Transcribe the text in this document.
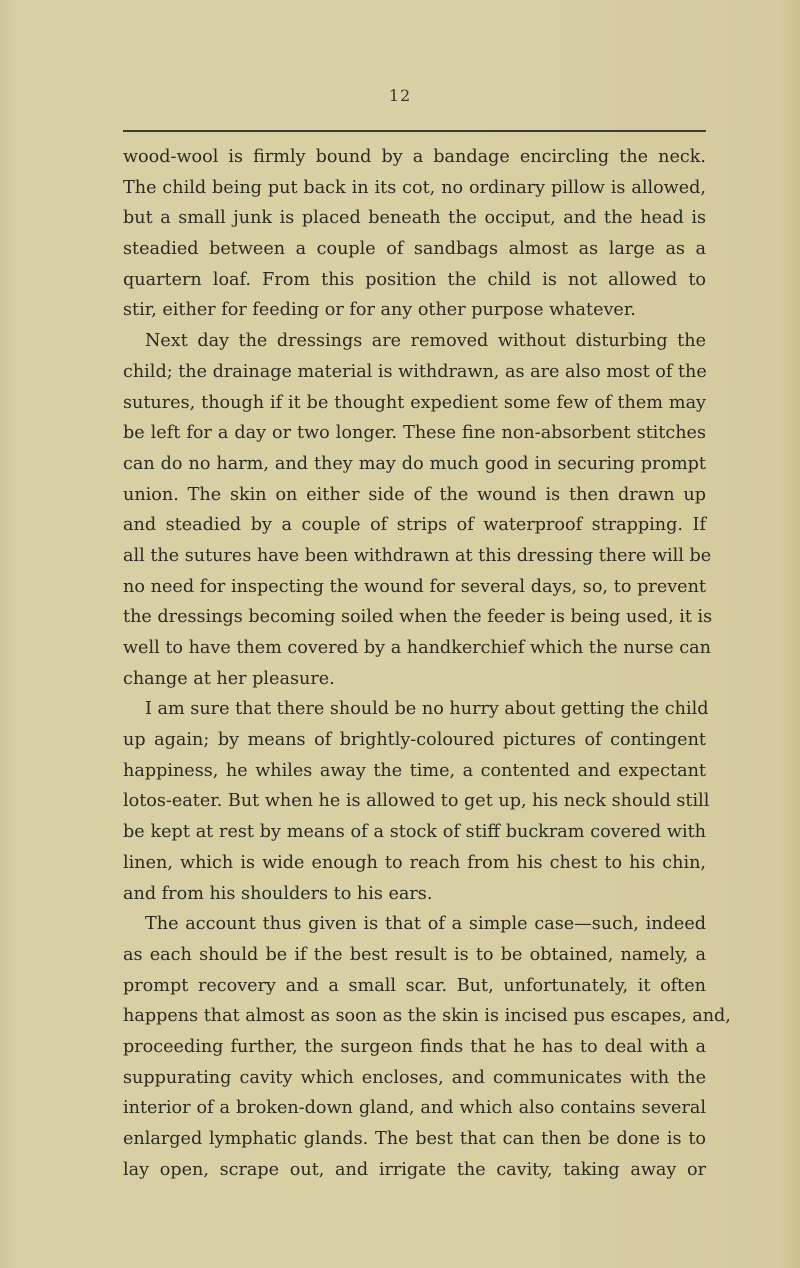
12
wood-wool is firmly bound by a bandage encircling the neck.
The child being put back in its cot, no ordinary pillow is allowed,
but a small junk is placed beneath the occiput, and the head is
steadied between a couple of sandbags almost as large as a
quartern loaf. From this position the child is not allowed to
stir, either for feeding or for any other purpose whatever.
Next day the dressings are removed without disturbing the
child; the drainage material is withdrawn, as are also most of the
sutures, though if it be thought expedient some few of them may
be left for a day or two longer. These fine non-absorbent stitches
can do no harm, and they may do much good in securing prompt
union. The skin on either side of the wound is then drawn up
and steadied by a couple of strips of waterproof strapping. If
all the sutures have been withdrawn at this dressing there will be
no need for inspecting the wound for several days, so, to prevent
the dressings becoming soiled when the feeder is being used, it is
well to have them covered by a handkerchief which the nurse can
change at her pleasure.
I am sure that there should be no hurry about getting the child
up again; by means of brightly-coloured pictures of contingent
happiness, he whiles away the time, a contented and expectant
lotos-eater. But when he is allowed to get up, his neck should still
be kept at rest by means of a stock of stiff buckram covered with
linen, which is wide enough to reach from his chest to his chin,
and from his shoulders to his ears.
The account thus given is that of a simple case—such, indeed
as each should be if the best result is to be obtained, namely, a
prompt recovery and a small scar. But, unfortunately, it often
happens that almost as soon as the skin is incised pus escapes, and,
proceeding further, the surgeon finds that he has to deal with a
suppurating cavity which encloses, and communicates with the
interior of a broken-down gland, and which also contains several
enlarged lymphatic glands. The best that can then be done is to
lay open, scrape out, and irrigate the cavity, taking away or
